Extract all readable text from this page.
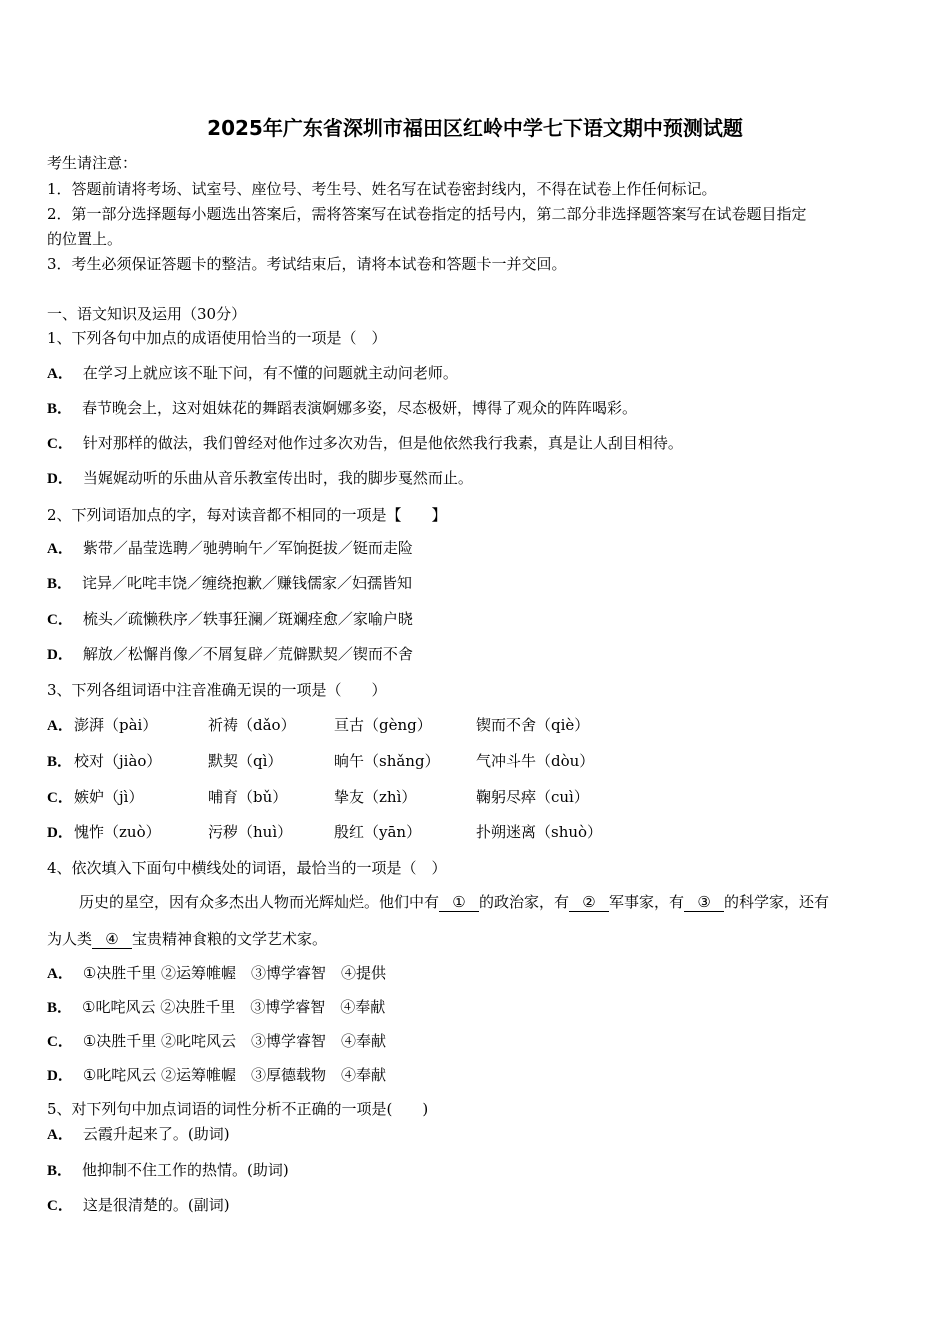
2025年广东省深圳市福田区红岭中学七下语文期中预测试题
考生请注意：
1．答题前请将考场、试室号、座位号、考生号、姓名写在试卷密封线内，不得在试卷上作任何标记。
2．第一部分选择题每小题选出答案后，需将答案写在试卷指定的括号内，第二部分非选择题答案写在试卷题目指定
的位置上。
3．考生必须保证答题卡的整洁。考试结束后，请将本试卷和答题卡一并交回。
一、语文知识及运用（30分）
1、下列各句中加点的成语使用恰当的一项是（　）
A． 在学习上就应该不耻下问，有不懂的问题就主动问老师。
B． 春节晚会上，这对姐妹花的舞蹈表演婀娜多姿，尽态极妍，博得了观众的阵阵喝彩。
C． 针对那样的做法，我们曾经对他作过多次劝告，但是他依然我行我素，真是让人刮目相待。
D． 当娓娓动听的乐曲从音乐教室传出时，我的脚步戛然而止。
2、下列词语加点的字，每对读音都不相同的一项是【　　】
A． 紫带／晶莹选聘／驰骋晌午／军饷挺拔／铤而走险
B． 诧异／叱咤丰饶／缠绕抱歉／赚钱儒家／妇孺皆知
C． 梳头／疏懒秩序／轶事狂澜／斑斓痊愈／家喻户晓
D． 解放／松懈肖像／不屑复辟／荒僻默契／锲而不舍
3、下列各组词语中注音准确无误的一项是（　　）
A． 澎湃（pài）	祈祷（dǎo）	亘古（gèng）	锲而不舍（qiè）
B． 校对（jiào）	默契（qì）	晌午（shǎng） 气冲斗牛（dòu）
C． 嫉妒（jì）	哺育（bǔ）	挚友（zhì）	鞠躬尽瘁（cuì）
D． 愧怍（zuò）	污秽（huì）	殷红（yān）	扑朔迷离（shuò）
4、依次填入下面句中横线处的词语，最恰当的一项是（　）
历史的星空，因有众多杰出人物而光辉灿烂。他们中有 ① 的政治家，有 ② 军事家，有 ③ 的科学家，还有
为人类 ④ 宝贵精神食粮的文学艺术家。
A． ①决胜千里 ②运筹帷幄　③博学睿智　④提供
B． ①叱咤风云 ②决胜千里　③博学睿智　④奉献
C． ①决胜千里 ②叱咤风云　③博学睿智　④奉献
D． ①叱咤风云 ②运筹帷幄　③厚德载物　④奉献
5、对下列句中加点词语的词性分析不正确的一项是(　　)
A． 云霞升起来了。(助词)
B． 他抑制不住工作的热情。(助词)
C． 这是很清楚的。(副词)
